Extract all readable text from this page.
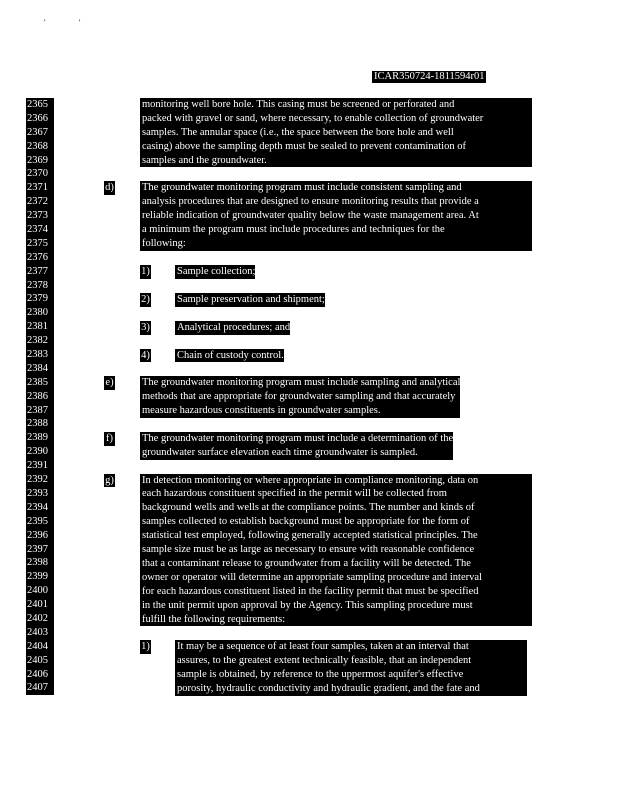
'	'
ICAR350724-1811594r01
2365
2366
2367
2368
2369
2370
2371
2372
2373
2374
2375
2376
2377
2378
2379
2380
2381
2382
2383
2384
2385
2386
2387
2388
2389
2390
2391
2392
2393
2394
2395
2396
2397
2398
2399
2400
2401
2402
2403
2404
2405
2406
2407
monitoring well bore hole. This casing must be screened or perforated and
packed with gravel or sand, where necessary, to enable collection of groundwater
samples. The annular space (i.e., the space between the bore hole and well
casing) above the sampling depth must be sealed to prevent contamination of
samples and the groundwater.
d)	The groundwater monitoring program must include consistent sampling and
analysis procedures that are designed to ensure monitoring results that provide a
reliable indication of groundwater quality below the waste management area. At
a minimum the program must include procedures and techniques for the
following:
1)	Sample collection;
2)	Sample preservation and shipment;
3)	Analytical procedures; and
4)	Chain of custody control.
e)	The groundwater monitoring program must include sampling and analytical
methods that are appropriate for groundwater sampling and that accurately
measure hazardous constituents in groundwater samples.
f)	The groundwater monitoring program must include a determination of the
groundwater surface elevation each time groundwater is sampled.
g)	In detection monitoring or where appropriate in compliance monitoring, data on
each hazardous constituent specified in the permit will be collected from
background wells and wells at the compliance points. The number and kinds of
samples collected to establish background must be appropriate for the form of
statistical test employed, following generally accepted statistical principles. The
sample size must be as large as necessary to ensure with reasonable confidence
that a contaminant release to groundwater from a facility will be detected. The
owner or operator will determine an appropriate sampling procedure and interval
for each hazardous constituent listed in the facility permit that must be specified
in the unit permit upon approval by the Agency. This sampling procedure must
fulfill the following requirements:
1)	It may be a sequence of at least four samples, taken at an interval that
assures, to the greatest extent technically feasible, that an independent
sample is obtained, by reference to the uppermost aquifer's effective
porosity, hydraulic conductivity and hydraulic gradient, and the fate and
